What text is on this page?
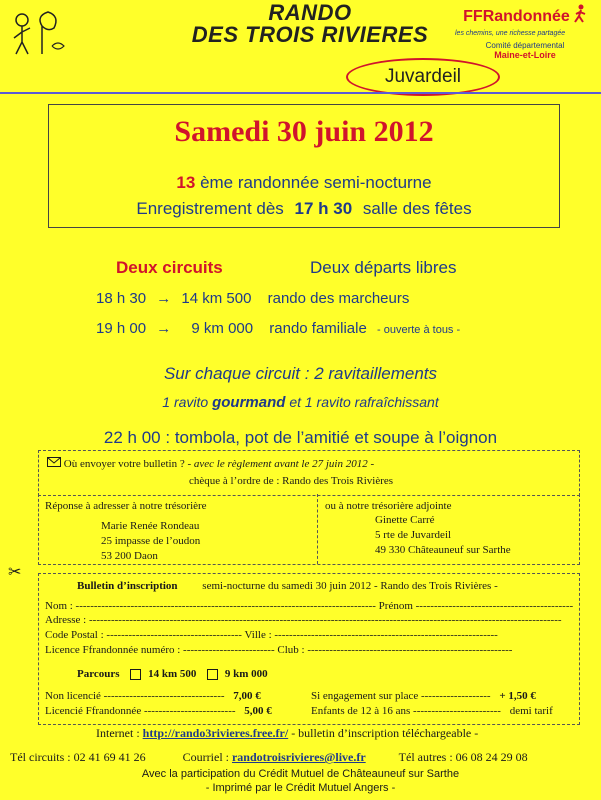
RANDO
DES TROIS RIVIERES
FFRandonnée
les chemins, une richesse partagée
Comité départemental
Maine-et-Loire
Juvardeil
Samedi 30 juin 2012
13 ème randonnée semi-nocturne
Enregistrement dès 17 h 30 salle des fêtes
Deux circuits	Deux départs libres
18 h 30 → 14 km 500 rando des marcheurs
19 h 00 → 9 km 000 rando familiale - ouverte à tous -
Sur chaque circuit : 2 ravitaillements
1 ravito gourmand et 1 ravito rafraîchissant
22 h 00 : tombola, pot de l’amitié et soupe à l’oignon
Où envoyer votre bulletin ? - avec le règlement avant le 27 juin 2012 -
chèque à l’ordre de : Rando des Trois Rivières
Réponse à adresser à notre trésorière
Marie Renée Rondeau
25 impasse de l’oudon
53 200 Daon
ou à notre trésorière adjointe
Ginette Carré
5 rte de Juvardeil
49 330 Châteauneuf sur Sarthe
✂
Bulletin d’inscription semi-nocturne du samedi 30 juin 2012 - Rando des Trois Rivières -
Nom : ---------------------------------------------------------------------------------- Prénom -------------------------------------------
Adresse : ---------------------------------------------------------------------------------------------------------------------------------
Code Postal : ------------------------------------- Ville : -------------------------------------------------------------
Licence Ffrandonnée numéro : ------------------------- Club : --------------------------------------------------------
Parcours	14 km 500	9 km 000
Non licencié --------------------------------- 7,00 €
Licencié Ffrandonnée ------------------------- 5,00 €
Si engagement sur place ------------------- + 1,50 €
Enfants de 12 à 16 ans ------------------------ demi tarif
Internet : http://rando3rivieres.free.fr/ - bulletin d’inscription téléchargeable -
Tél circuits : 02 41 69 41 26	Courriel : randotroisrivieres@live.fr	Tél autres : 06 08 24 29 08
Avec la participation du Crédit Mutuel de Châteauneuf sur Sarthe
- Imprimé par le Crédit Mutuel Angers -
